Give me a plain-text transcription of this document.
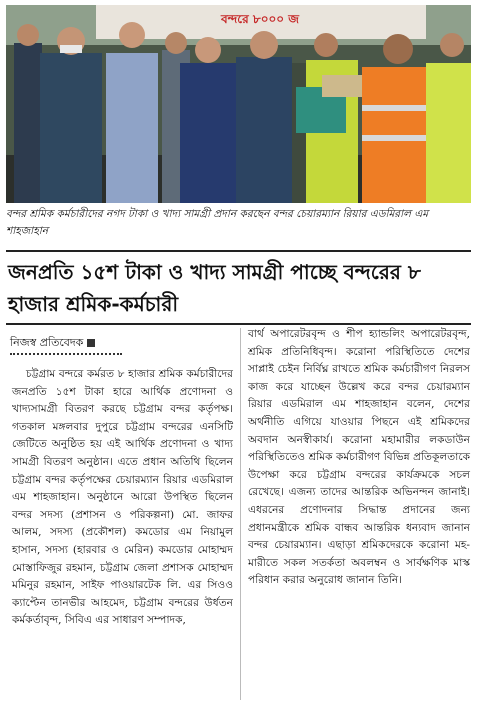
বন্দরে ৮০০০ জ
বন্দর শ্রমিক কর্মচারীদের নগদ টাকা ও খাদ্য সামগ্রী প্রদান করছেন বন্দর চেয়ারম্যান রিয়ার এডমিরাল এম শাহজাহান
জনপ্রতি ১৫শ টাকা ও খাদ্য সামগ্রী পাচ্ছে বন্দরের ৮ হাজার শ্রমিক-কর্মচারী
নিজস্ব প্রতিবেদক
চট্টগ্রাম বন্দরে কর্মরত ৮ হাজার শ্রমিক কর্মচারীদের জনপ্রতি ১৫শ টাকা হারে আর্থিক প্রণোদনা ও খাদ্যসামগ্রী বিতরণ করছে চট্টগ্রাম বন্দর কর্তৃপক্ষ। গতকাল মঙ্গলবার দুপুরে চট্টগ্রাম বন্দরের এনসিটি জেটিতে অনুষ্ঠিত হয় এই আর্থিক প্রণোদনা ও খাদ্য সামগ্রী বিতরণ অনুষ্ঠান। এতে প্রধান অতিথি ছিলেন চট্টগ্রাম বন্দর কর্তৃপক্ষের চেয়ারম্যান রিয়ার এডমিরাল এম শাহজাহান। অনুষ্ঠানে আরো উপস্থিত ছিলেন বন্দর সদস্য (প্রশাসন ও পরিকল্পনা) মো. জাফর আলম, সদস্য (প্রকৌশল) কমডোর এম নিয়ামুল হাসান, সদস্য (হারবার ও মেরিন) কমডোর মোহাম্মদ মোস্তাফিজুর রহমান, চট্টগ্রাম জেলা প্রশাসক মোহাম্মদ মমিনুর রহমান, সাইফ পাওয়ারটেক লি. এর সিওও ক্যাপ্টেন তানভীর আহমেদ, চট্টগ্রাম বন্দরের উর্ধতন কর্মকর্তাবৃন্দ, সিবিএ এর সাধারণ সম্পাদক,
বার্থ অপারেটরবৃন্দ ও শীপ হ্যান্ডলিং অপারেটরবৃন্দ, শ্রমিক প্রতিনিধিবৃন্দ। করোনা পরিস্থিতিতে দেশের সাপ্লাই চেইন নির্বিঘ্ন রাখতে শ্রমিক কর্মচারীগণ নিরলস কাজ করে যাচ্ছেন উল্লেখ করে বন্দর চেয়ারম্যান রিয়ার এডমিরাল এম শাহজাহান বলেন, দেশের অর্থনীতি এগিয়ে যাওয়ার পিছনে এই শ্রমিকদের অবদান অনস্বীকার্য। করোনা মহামারীর লকডাউন পরিস্থিতিতেও শ্রমিক কর্মচারীগণ বিভিন্ন প্রতিকূলতাকে উপেক্ষা করে চট্টগ্রাম বন্দরের কার্যক্রমকে সচল রেখেছে। এজন্য তাদের আন্তরিক অভিনন্দন জানাই। এধরনের প্রণোদনার সিদ্ধান্ত প্রদানের জন্য প্রধানমন্ত্রীকে শ্রমিক বান্ধব আন্তরিক ধন্যবাদ জানান বন্দর চেয়ারম্যান। এছাড়া শ্রমিকদেরকে করোনা মহ-মারীতে সকল সতর্কতা অবলম্বন ও সার্বক্ষণিক মাস্ক পরিধান করার অনুরোধ জানান তিনি।
